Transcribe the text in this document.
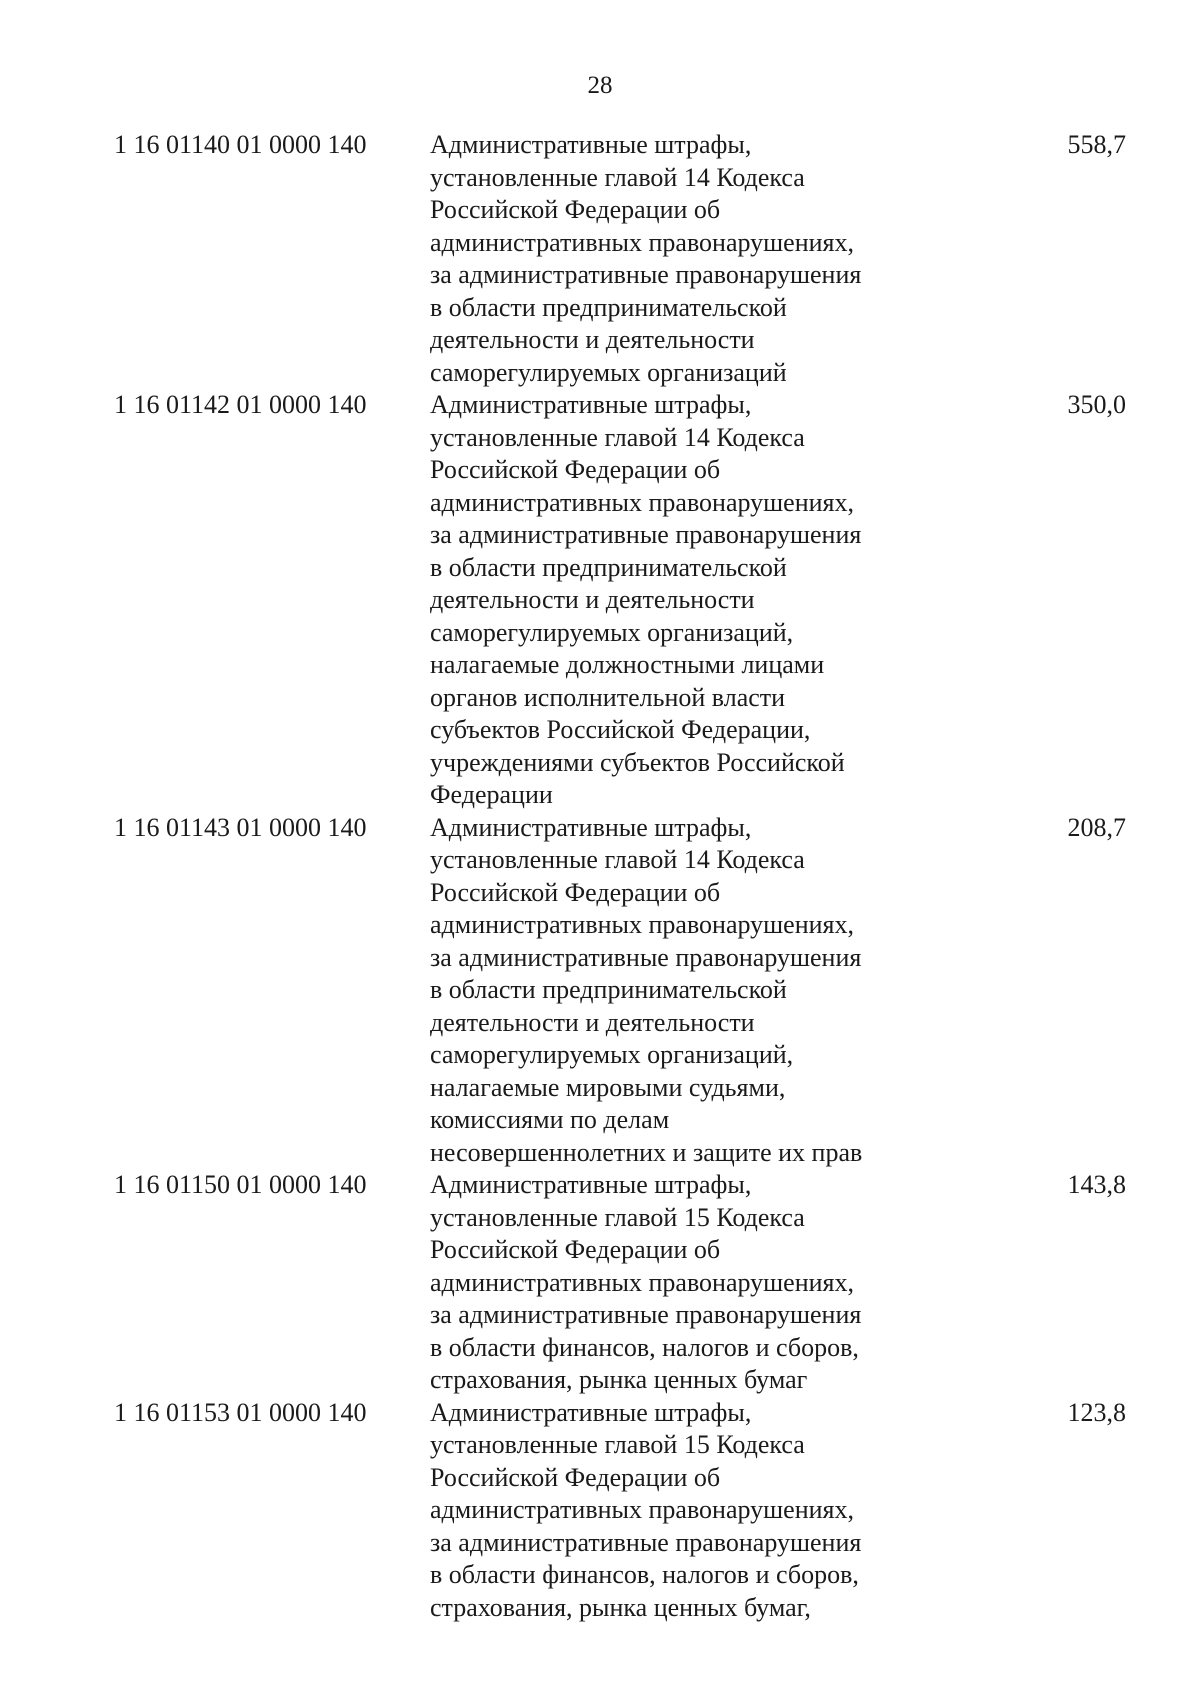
28
1 16 01140 01 0000 140 Административные штрафы,
установленные главой 14 Кодекса
Российской Федерации об
административных правонарушениях,
за административные правонарушения
в области предпринимательской
деятельности и деятельности
саморегулируемых организаций
558,7
1 16 01142 01 0000 140 Административные штрафы,
установленные главой 14 Кодекса
Российской Федерации об
административных правонарушениях,
за административные правонарушения
в области предпринимательской
деятельности и деятельности
саморегулируемых организаций,
налагаемые должностными лицами
органов исполнительной власти
субъектов Российской Федерации,
учреждениями субъектов Российской
Федерации
350,0
1 16 01143 01 0000 140 Административные штрафы,
установленные главой 14 Кодекса
Российской Федерации об
административных правонарушениях,
за административные правонарушения
в области предпринимательской
деятельности и деятельности
саморегулируемых организаций,
налагаемые мировыми судьями,
комиссиями по делам
несовершеннолетних и защите их прав
208,7
1 16 01150 01 0000 140 Административные штрафы,
установленные главой 15 Кодекса
Российской Федерации об
административных правонарушениях,
за административные правонарушения
в области финансов, налогов и сборов,
страхования, рынка ценных бумаг
143,8
1 16 01153 01 0000 140 Административные штрафы,
установленные главой 15 Кодекса
Российской Федерации об
административных правонарушениях,
за административные правонарушения
в области финансов, налогов и сборов,
страхования, рынка ценных бумаг,
123,8
